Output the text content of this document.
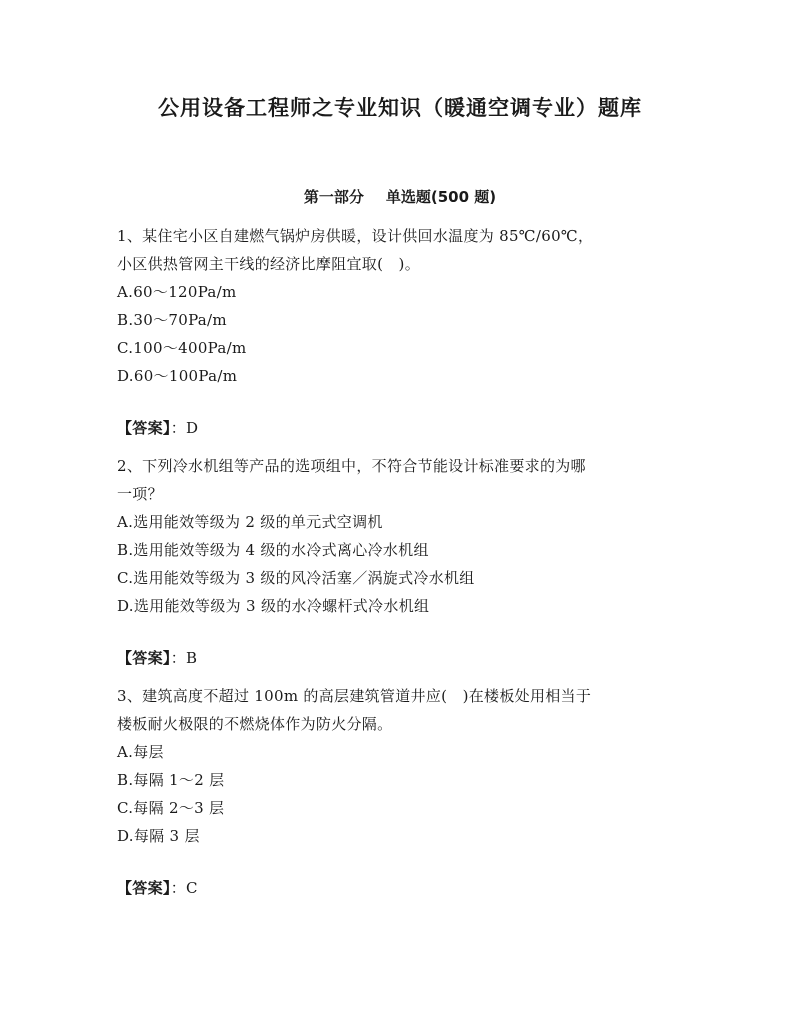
公用设备工程师之专业知识（暖通空调专业）题库
第一部分 单选题(500 题)
1、某住宅小区自建燃气锅炉房供暖，设计供回水温度为 85℃/60℃，
小区供热管网主干线的经济比摩阻宜取(　)。
A.60～120Pa/m
B.30～70Pa/m
C.100～400Pa/m
D.60～100Pa/m
【答案】：D
2、下列冷水机组等产品的选项组中，不符合节能设计标准要求的为哪
一项？
A.选用能效等级为 2 级的单元式空调机
B.选用能效等级为 4 级的水冷式离心冷水机组
C.选用能效等级为 3 级的风冷活塞／涡旋式冷水机组
D.选用能效等级为 3 级的水冷螺杆式冷水机组
【答案】：B
3、建筑高度不超过 100m 的高层建筑管道井应(　)在楼板处用相当于
楼板耐火极限的不燃烧体作为防火分隔。
A.每层
B.每隔 1～2 层
C.每隔 2～3 层
D.每隔 3 层
【答案】：C
